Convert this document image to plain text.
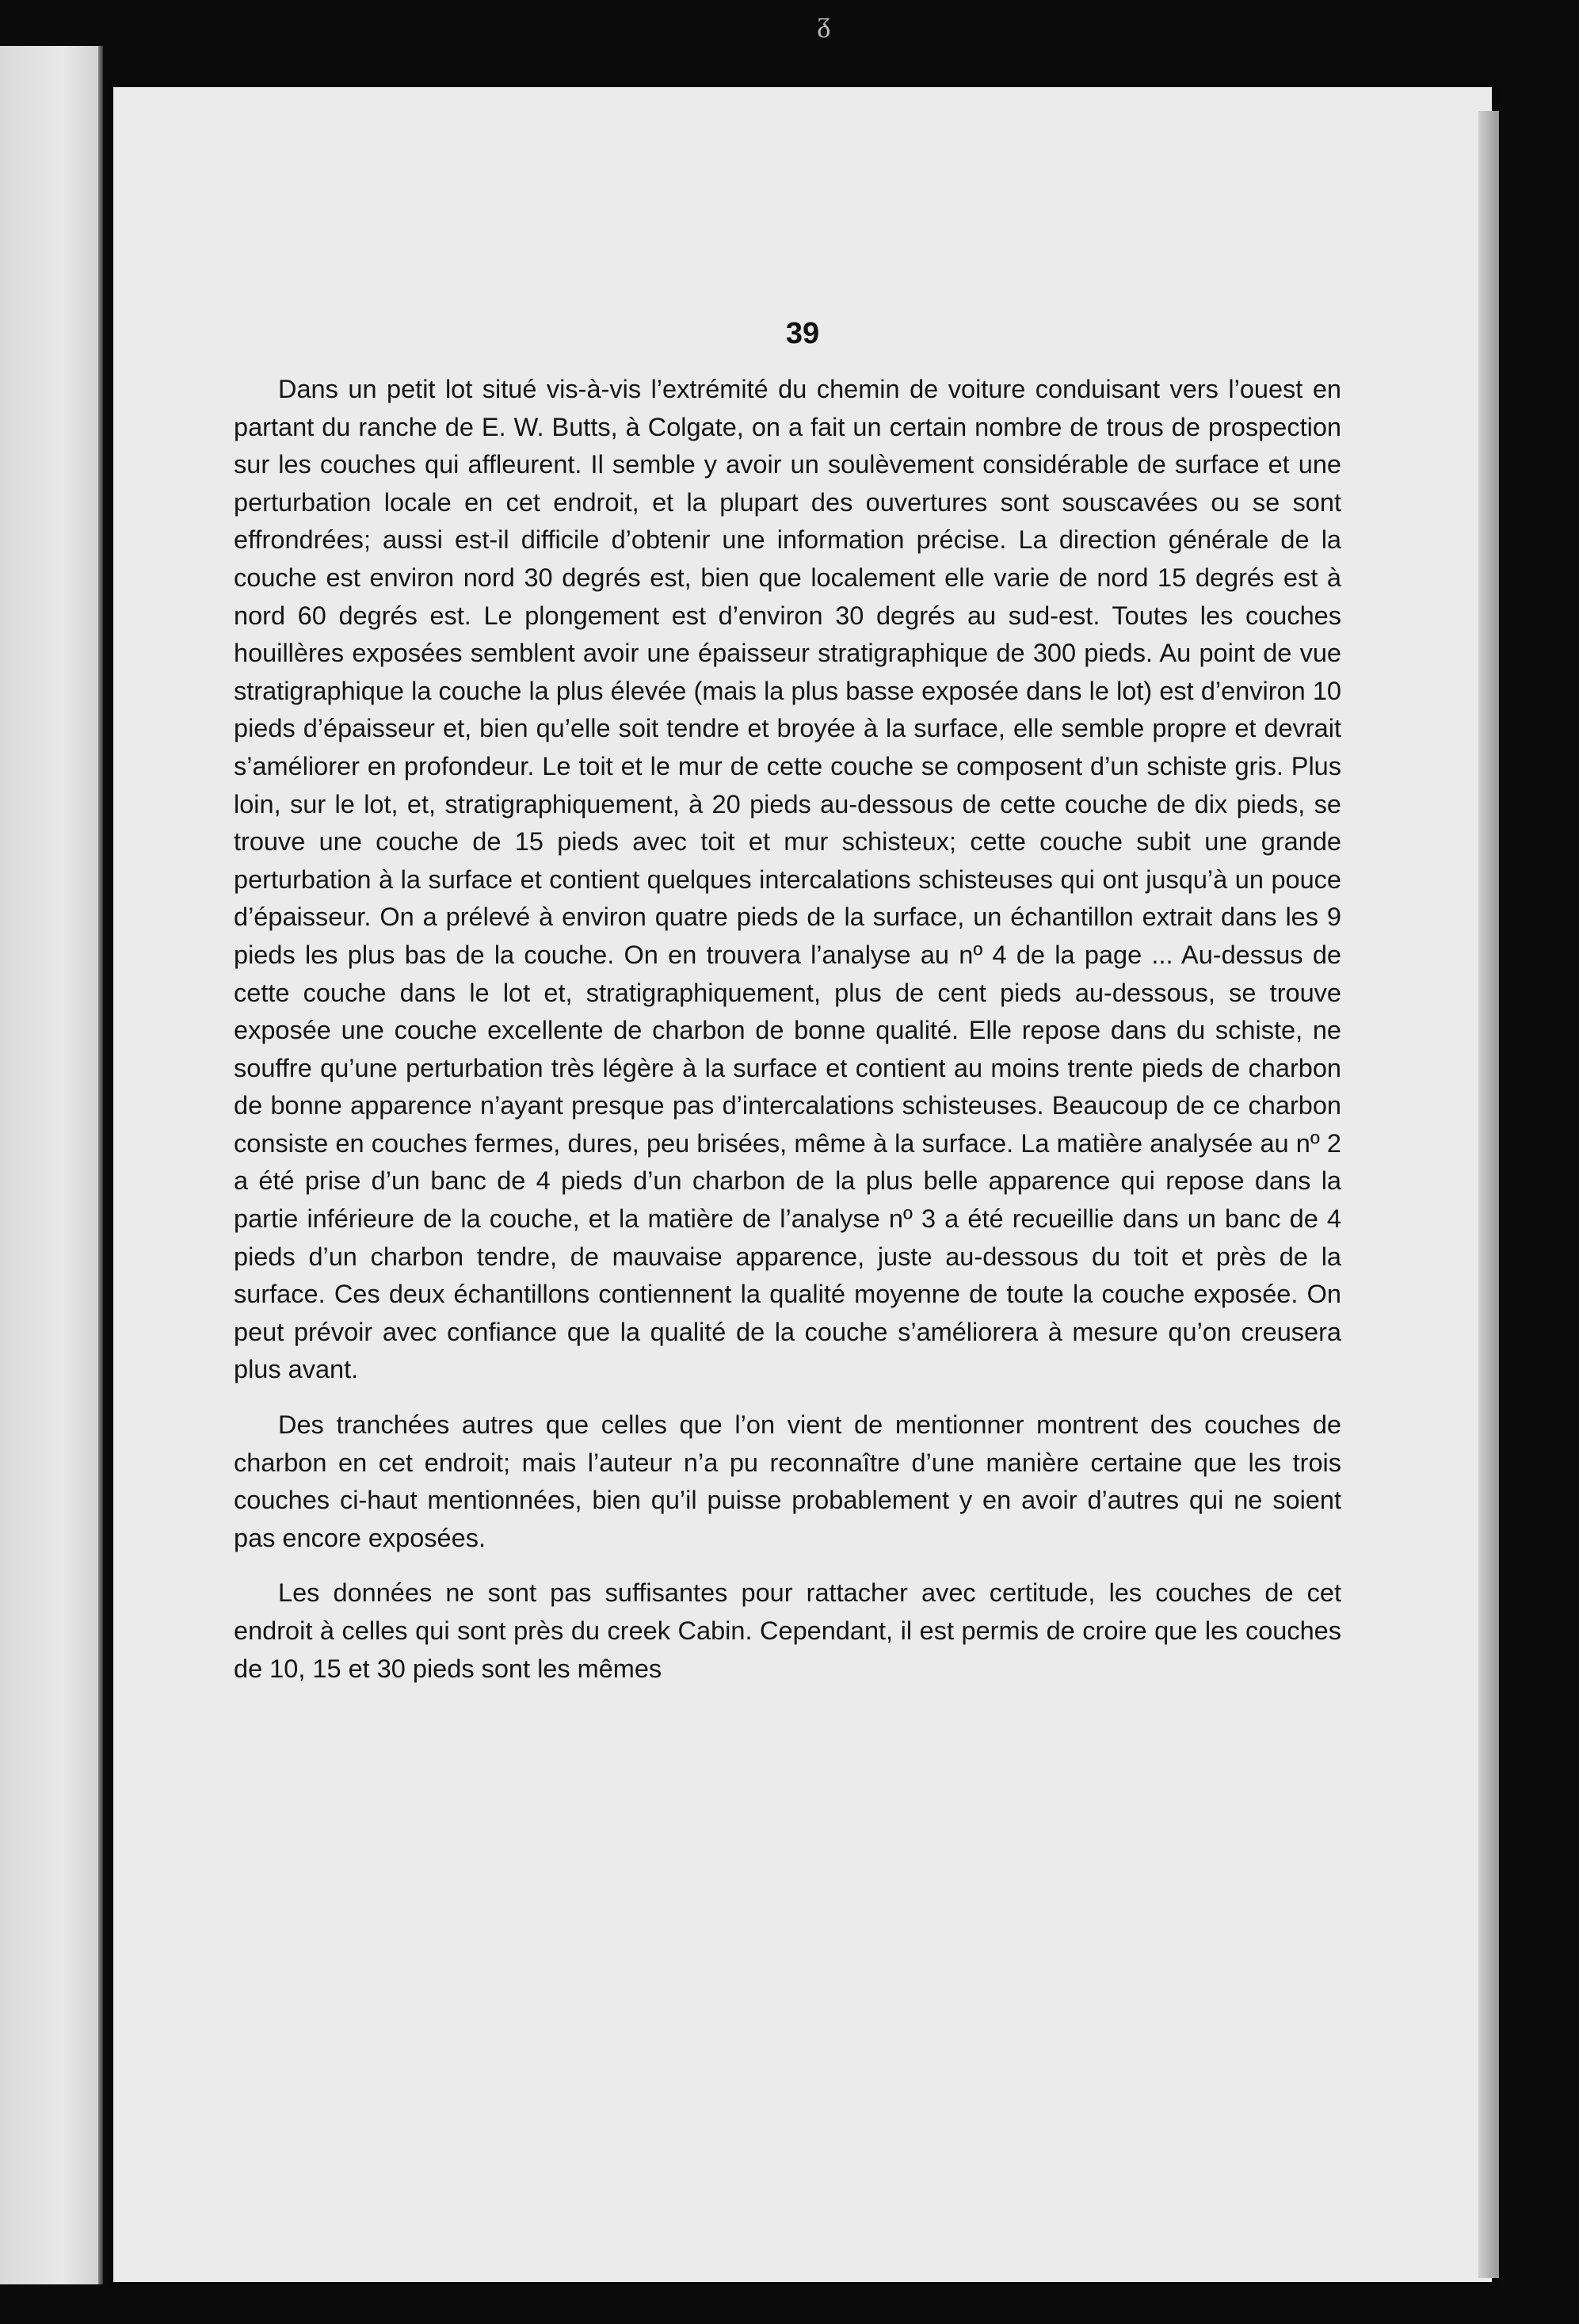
ᵹ
39

Dans un petit lot situé vis-à-vis l’extrémité du chemin de voiture conduisant vers l’ouest en partant du ranche de E. W. Butts, à Colgate, on a fait un certain nombre de trous de prospection sur les couches qui affleurent. Il semble y avoir un soulèvement considérable de surface et une perturbation locale en cet endroit, et la plupart des ouvertures sont souscavées ou se sont effrondrées; aussi est-il difficile d’obtenir une information précise. La direction générale de la couche est environ nord 30 degrés est, bien que localement elle varie de nord 15 degrés est à nord 60 degrés est. Le plongement est d’environ 30 degrés au sud-est. Toutes les couches houillères exposées semblent avoir une épaisseur stratigraphique de 300 pieds. Au point de vue stratigraphique la couche la plus élevée (mais la plus basse exposée dans le lot) est d’environ 10 pieds d’épaisseur et, bien qu’elle soit tendre et broyée à la surface, elle semble propre et devrait s’améliorer en profondeur. Le toit et le mur de cette couche se composent d’un schiste gris. Plus loin, sur le lot, et, stratigraphiquement, à 20 pieds au-dessous de cette couche de dix pieds, se trouve une couche de 15 pieds avec toit et mur schisteux; cette couche subit une grande perturbation à la surface et contient quelques intercalations schisteuses qui ont jusqu’à un pouce d’épaisseur. On a prélevé à environ quatre pieds de la surface, un échantillon extrait dans les 9 pieds les plus bas de la couche. On en trouvera l’analyse au nº 4 de la page ... Au-dessus de cette couche dans le lot et, stratigraphiquement, plus de cent pieds au-dessous, se trouve exposée une couche excellente de charbon de bonne qualité. Elle repose dans du schiste, ne souffre qu’une perturbation très légère à la surface et contient au moins trente pieds de charbon de bonne apparence n’ayant presque pas d’intercalations schisteuses. Beaucoup de ce charbon consiste en couches fermes, dures, peu brisées, même à la surface. La matière analysée au nº 2 a été prise d’un banc de 4 pieds d’un charbon de la plus belle apparence qui repose dans la partie inférieure de la couche, et la matière de l’analyse nº 3 a été recueillie dans un banc de 4 pieds d’un charbon tendre, de mauvaise apparence, juste au-dessous du toit et près de la surface. Ces deux échantillons contiennent la qualité moyenne de toute la couche exposée. On peut prévoir avec confiance que la qualité de la couche s’améliorera à mesure qu’on creusera plus avant.

Des tranchées autres que celles que l’on vient de mentionner montrent des couches de charbon en cet endroit; mais l’auteur n’a pu reconnaître d’une manière certaine que les trois couches ci-haut mentionnées, bien qu’il puisse probablement y en avoir d’autres qui ne soient pas encore exposées.

Les données ne sont pas suffisantes pour rattacher avec certitude, les couches de cet endroit à celles qui sont près du creek Cabin. Cependant, il est permis de croire que les couches de 10, 15 et 30 pieds sont les mêmes
